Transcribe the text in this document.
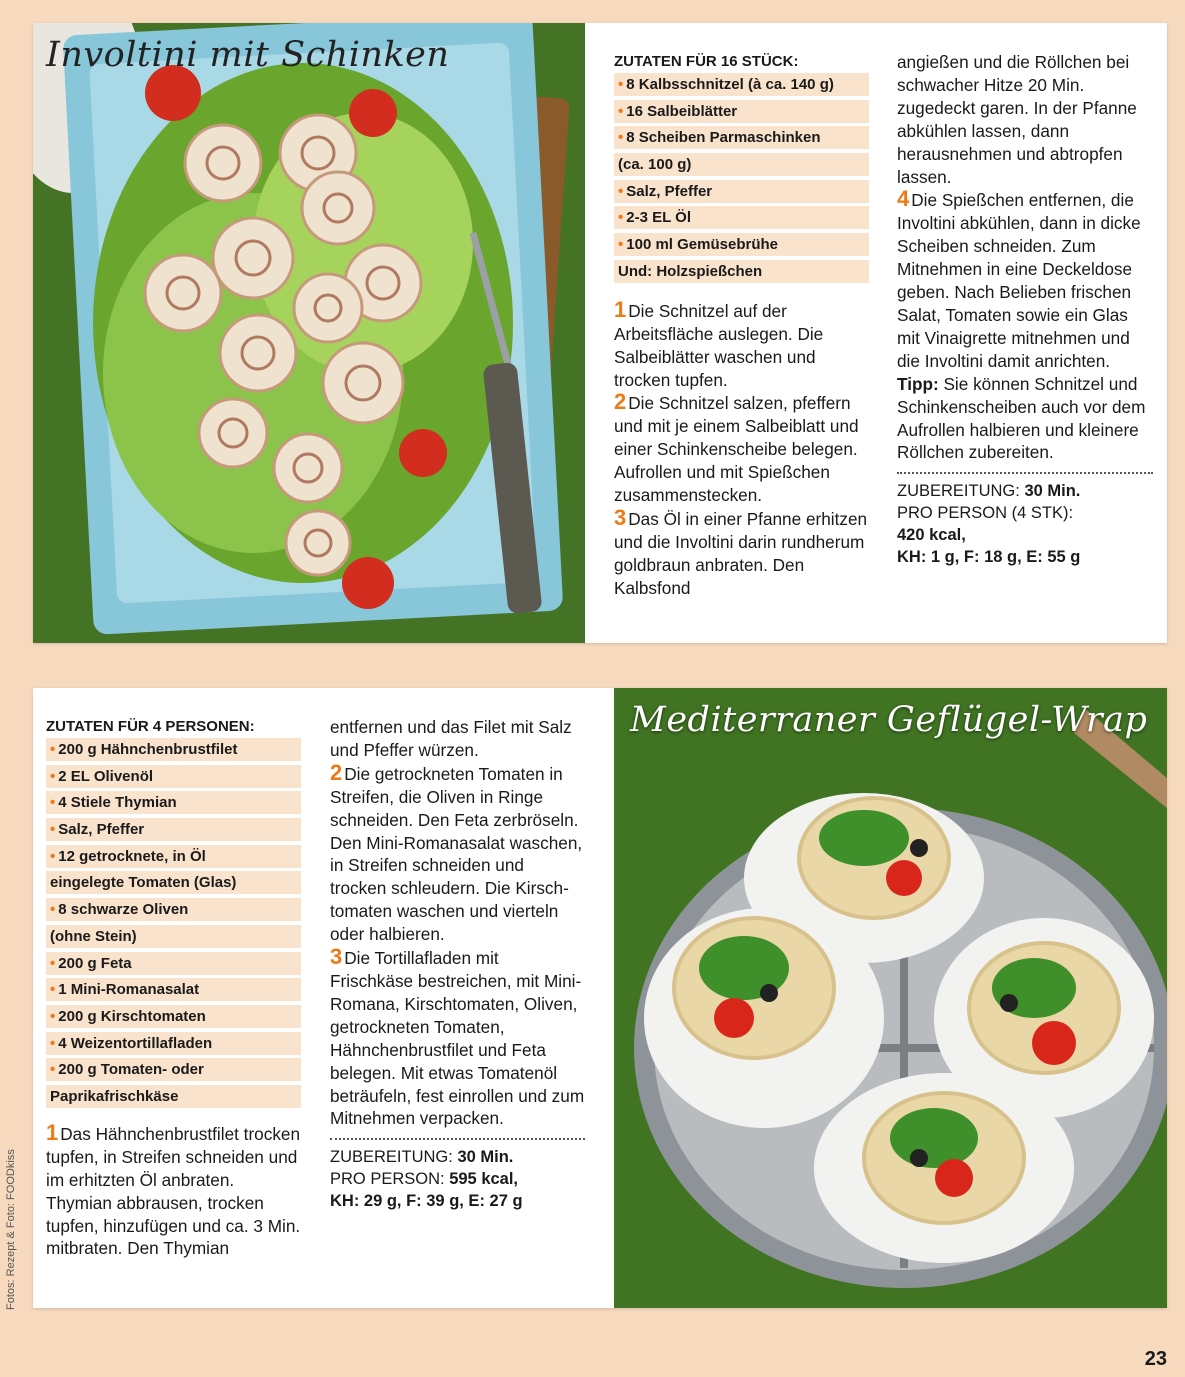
Involtini mit Schinken	ZUTATEN FÜR 16 STÜCK:

• 8 Kalbsschnitzel (à ca. 140 g)
• 16 Salbeiblätter
• 8 Scheiben Parmaschinken
(ca. 100 g)
• Salz, Pfeffer
• 2-3 EL Öl
• 100 ml Gemüsebrühe
Und: Holzspießchen

1 Die Schnitzel auf der Arbeitsfläche auslegen. Die Salbeiblätter waschen und trocken tupfen.

2 Die Schnitzel salzen, pfeffern und mit je einem Salbeiblatt und einer Schinkenscheibe belegen. Aufrollen und mit Spießchen zusammenstecken.

3 Das Öl in einer Pfanne erhitzen und die Involtini darin rundherum goldbraun anbraten. Den Kalbsfond

angießen und die Röllchen bei schwacher Hitze 20 Min. zugedeckt garen. In der Pfanne abkühlen lassen, dann herausnehmen und abtropfen lassen.

4 Die Spießchen entfernen, die Involtini abkühlen, dann in dicke Scheiben schneiden. Zum Mitnehmen in eine Deckeldose geben. Nach Belieben frischen Salat, Tomaten sowie ein Glas mit Vinaigrette mitnehmen und die Involtini damit anrichten. Tipp: Sie können Schnitzel und Schinkenscheiben auch vor dem Aufrollen halbieren und kleinere Röllchen zubereiten.

ZUBEREITUNG: 30 Min.
PRO PERSON (4 STK):
420 kcal,
KH: 1 g, F: 18 g, E: 55 g

ZUTATEN FÜR 4 PERSONEN:

• 200 g Hähnchenbrustfilet
• 2 EL Olivenöl
• 4 Stiele Thymian
• Salz, Pfeffer
• 12 getrocknete, in Öl
eingelegte Tomaten (Glas)
• 8 schwarze Oliven
(ohne Stein)
• 200 g Feta
• 1 Mini-Romanasalat
• 200 g Kirschtomaten
• 4 Weizentortillafladen
• 200 g Tomaten- oder
Paprikafrischkäse

1 Das Hähnchenbrustfilet trocken tupfen, in Streifen schneiden und im erhitzten Öl anbraten. Thymian abbrausen, trocken tupfen, hinzufügen und ca. 3 Min. mitbraten. Den Thymian

entfernen und das Filet mit Salz und Pfeffer würzen.

2 Die getrockneten Tomaten in Streifen, die Oliven in Ringe schneiden. Den Feta zerbröseln. Den Mini-Romanasalat waschen, in Streifen schneiden und trocken schleudern. Die Kirschtomaten waschen und vierteln oder halbieren.

3 Die Tortillafladen mit Frischkäse bestreichen, mit Mini-Romana, Kirschtomaten, Oliven, getrockneten Tomaten, Hähnchenbrustfilet und Feta belegen. Mit etwas Tomatenöl beträufeln, fest einrollen und zum Mitnehmen verpacken.

ZUBEREITUNG: 30 Min.
PRO PERSON: 595 kcal,
KH: 29 g, F: 39 g, E: 27 g
Mediterraner Geflügel-Wrap
Fotos: Rezept & Foto: FOODkiss
23
